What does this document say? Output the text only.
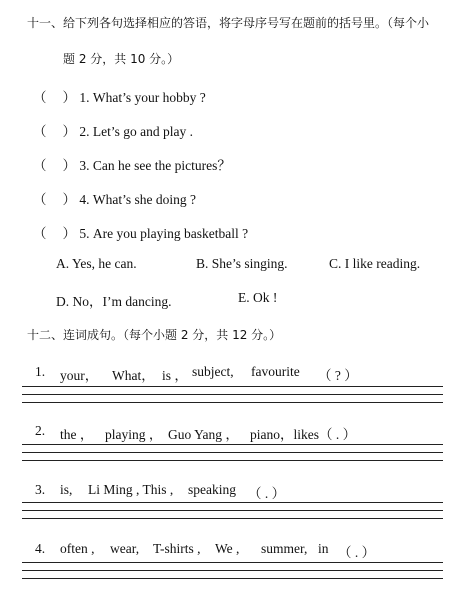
十一、给下列各句选择相应的答语，将字母序号写在题前的括号里。（每个小
题 2 分，共 10 分。）
（ ） 1. What’s your hobby ?
（ ） 2. Let’s go and play .
（ ） 3. Can he see the pictures？
（ ） 4. What’s she doing ?
（ ） 5. Are you playing basketball ?
A. Yes, he can.	B. She’s singing.	C. I like reading.
D. No，I’m dancing.	E. Ok !
十二、连词成句。（每个小题 2 分，共 12 分。）
1. your， What， is ， subject, favourite （ ? ）
2. the ， playing ， Guo Yang ， piano，likes（ . ）
3. is, Li Ming , This , speaking （ . ）
4. often , wear, T-shirts , We , summer, in （ . ）
